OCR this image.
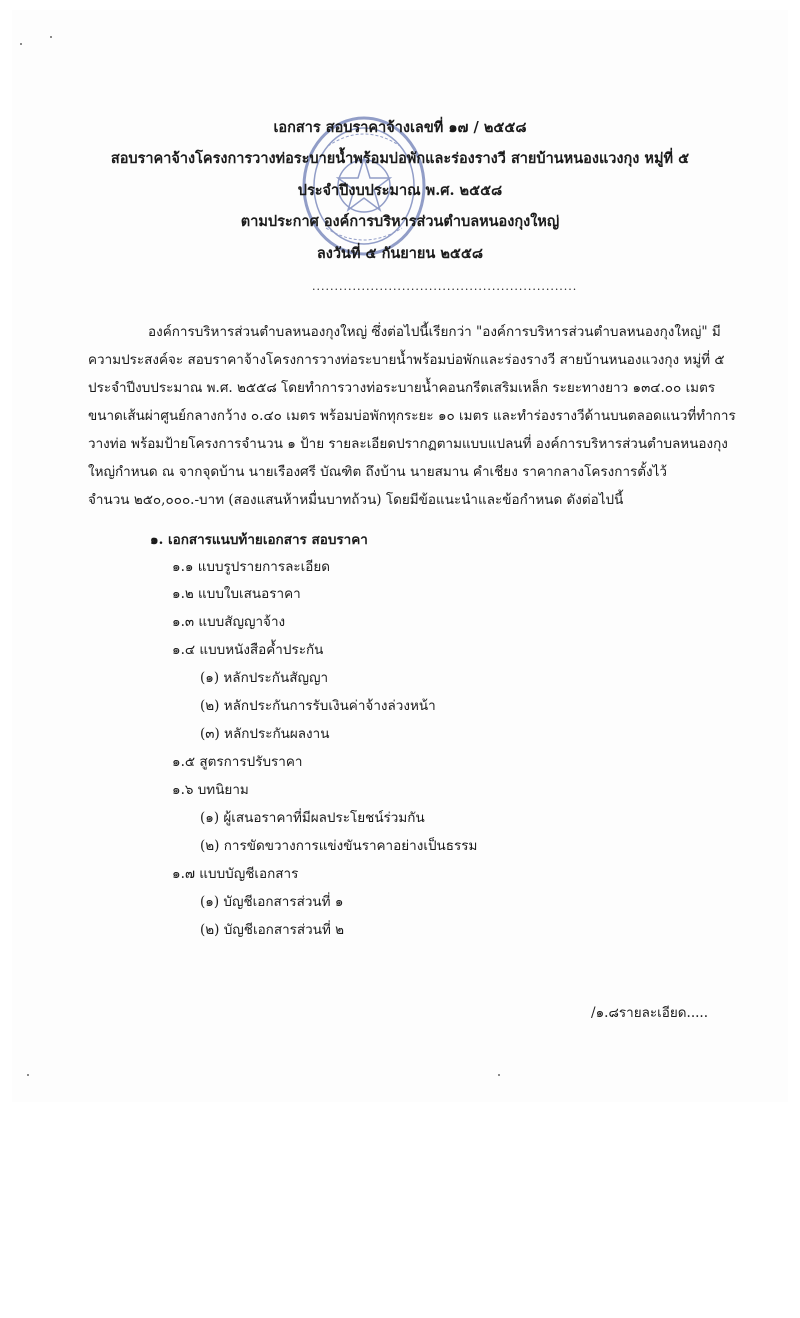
เอกสาร สอบราคาจ้างเลขที่ ๑๗ / ๒๕๕๘
สอบราคาจ้างโครงการวางท่อระบายน้ำพร้อมบ่อพักและร่องรางวี สายบ้านหนองแวงกุง หมู่ที่ ๕
ประจำปีงบประมาณ พ.ศ. ๒๕๕๘
ตามประกาศ องค์การบริหารส่วนตำบลหนองกุงใหญ่
ลงวันที่ ๕ กันยายน ๒๕๕๘
...........................................................
องค์การบริหารส่วนตำบลหนองกุงใหญ่ ซึ่งต่อไปนี้เรียกว่า "องค์การบริหารส่วนตำบลหนองกุงใหญ่" มี
ความประสงค์จะ สอบราคาจ้างโครงการวางท่อระบายน้ำพร้อมบ่อพักและร่องรางวี สายบ้านหนองแวงกุง หมู่ที่ ๕
ประจำปีงบประมาณ พ.ศ. ๒๕๕๘ โดยทำการวางท่อระบายน้ำคอนกรีตเสริมเหล็ก ระยะทางยาว ๑๓๔.๐๐ เมตร
ขนาดเส้นผ่าศูนย์กลางกว้าง ๐.๔๐ เมตร พร้อมบ่อพักทุกระยะ ๑๐ เมตร และทำร่องรางวีด้านบนตลอดแนวที่ทำการ
วางท่อ พร้อมป้ายโครงการจำนวน ๑ ป้าย รายละเอียดปรากฏตามแบบแปลนที่ องค์การบริหารส่วนตำบลหนองกุง
ใหญ่กำหนด ณ จากจุดบ้าน นายเรืองศรี บัณฑิต ถึงบ้าน นายสมาน คำเชียง ราคากลางโครงการตั้งไว้
จำนวน ๒๕๐,๐๐๐.-บาท (สองแสนห้าหมื่นบาทถ้วน) โดยมีข้อแนะนำและข้อกำหนด ดังต่อไปนี้
๑. เอกสารแนบท้ายเอกสาร สอบราคา
๑.๑ แบบรูปรายการละเอียด
๑.๒ แบบใบเสนอราคา
๑.๓ แบบสัญญาจ้าง
๑.๔ แบบหนังสือค้ำประกัน
(๑) หลักประกันสัญญา
(๒) หลักประกันการรับเงินค่าจ้างล่วงหน้า
(๓) หลักประกันผลงาน
๑.๕ สูตรการปรับราคา
๑.๖ บทนิยาม
(๑) ผู้เสนอราคาที่มีผลประโยชน์ร่วมกัน
(๒) การขัดขวางการแข่งขันราคาอย่างเป็นธรรม
๑.๗ แบบบัญชีเอกสาร
(๑) บัญชีเอกสารส่วนที่ ๑
(๒) บัญชีเอกสารส่วนที่ ๒
/๑.๘รายละเอียด.....
